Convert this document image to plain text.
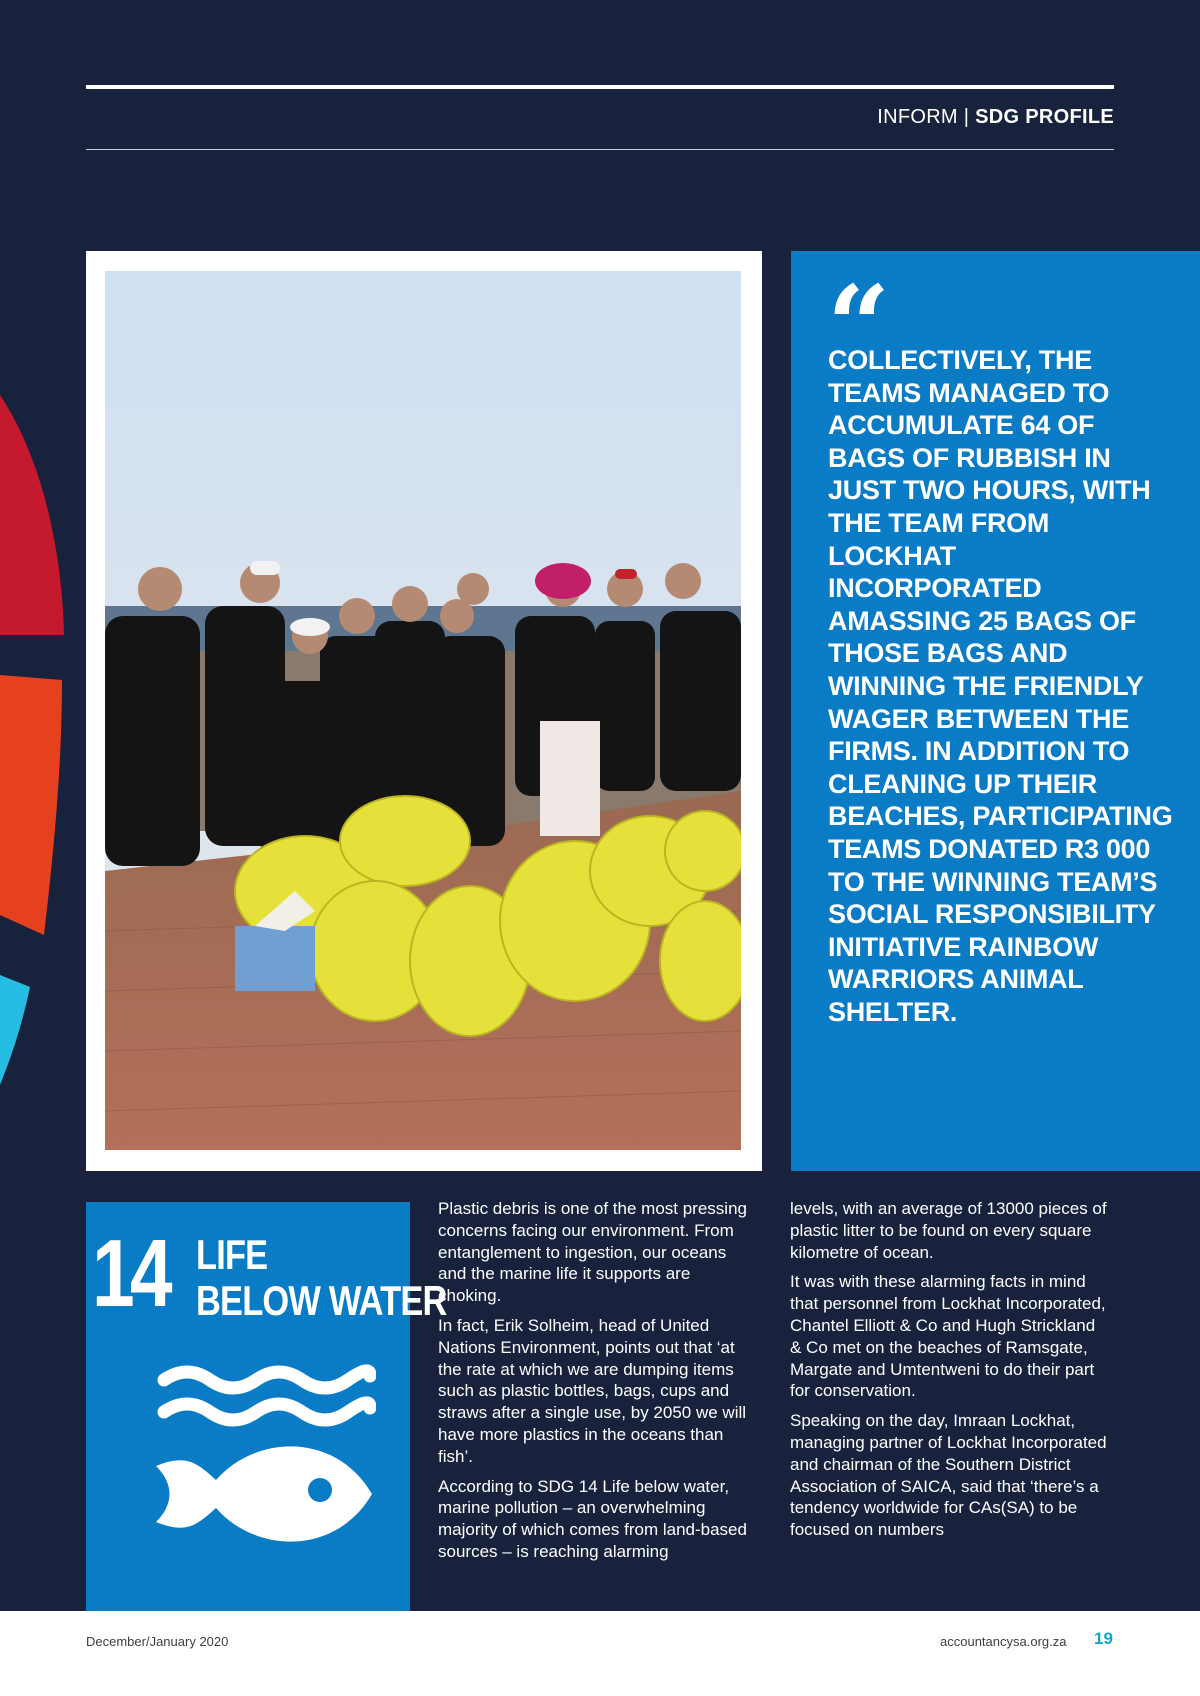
INFORM | SDG PROFILE
“
COLLECTIVELY, THE TEAMS MANAGED TO ACCUMULATE 64 OF BAGS OF RUBBISH IN JUST TWO HOURS, WITH THE TEAM FROM LOCKHAT INCORPORATED AMASSING 25 BAGS OF THOSE BAGS AND WINNING THE FRIENDLY WAGER BETWEEN THE FIRMS. IN ADDITION TO CLEANING UP THEIR BEACHES, PARTICIPATING TEAMS DONATED R3 000 TO THE WINNING TEAM’S SOCIAL RESPONSIBILITY INITIATIVE RAINBOW WARRIORS ANIMAL SHELTER.
14 LIFE
BELOW WATER

Plastic debris is one of the most pressing concerns facing our environment. From entanglement to ingestion, our oceans and the marine life it supports are choking.

In fact, Erik Solheim, head of United Nations Environment, points out that ‘at the rate at which we are dumping items such as plastic bottles, bags, cups and straws after a single use, by 2050 we will have more plastics in the oceans than fish’.

According to SDG 14 Life below water, marine pollution – an overwhelming majority of which comes from land-based sources – is reaching alarming

levels, with an average of 13000 pieces of plastic litter to be found on every square kilometre of ocean.

It was with these alarming facts in mind that personnel from Lockhat Incorporated, Chantel Elliott & Co and Hugh Strickland & Co met on the beaches of Ramsgate, Margate and Umtentweni to do their part for conservation.

Speaking on the day, Imraan Lockhat, managing partner of Lockhat Incorporated and chairman of the Southern District Association of SAICA, said that ‘there’s a tendency worldwide for CAs(SA) to be focused on numbers

December/January 2020	accountancysa.org.za 19
